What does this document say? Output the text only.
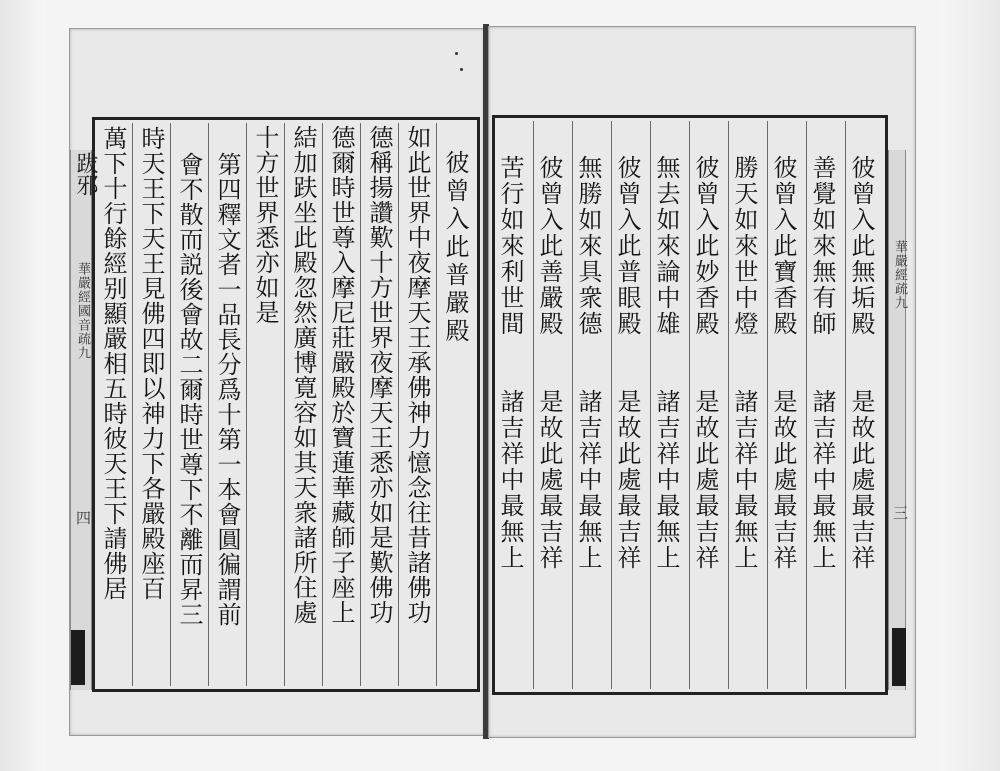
跋邪
華嚴經國音疏九
四
彼曾入此普嚴殿
如此世界中夜摩天王承佛神力憶念往昔諸佛功
德稱揚讚歎十方世界夜摩天王悉亦如是歎佛功
德爾時世尊入摩尼莊嚴殿於寶蓮華藏師子座上
結加趺坐此殿忽然廣博寛容如其天衆諸所住處
十方世界悉亦如是
第四釋文者一品長分爲十第一本會圓徧謂前
會不散而説後會故二爾時世尊下不離而昇三
時天王下天王見佛四即以神力下各嚴殿座百
萬下十行餘經别顯嚴相五時彼天王下請佛居	華嚴經疏九
三
彼曾入此無垢殿　　是故此處最吉祥
善覺如來無有師　　諸吉祥中最無上
彼曾入此寶香殿　　是故此處最吉祥
勝天如來世中燈　　諸吉祥中最無上
彼曾入此妙香殿　　是故此處最吉祥
無去如來論中雄　　諸吉祥中最無上
彼曾入此普眼殿　　是故此處最吉祥
無勝如來具衆德　　諸吉祥中最無上
彼曾入此善嚴殿　　是故此處最吉祥
苦行如來利世間　　諸吉祥中最無上
